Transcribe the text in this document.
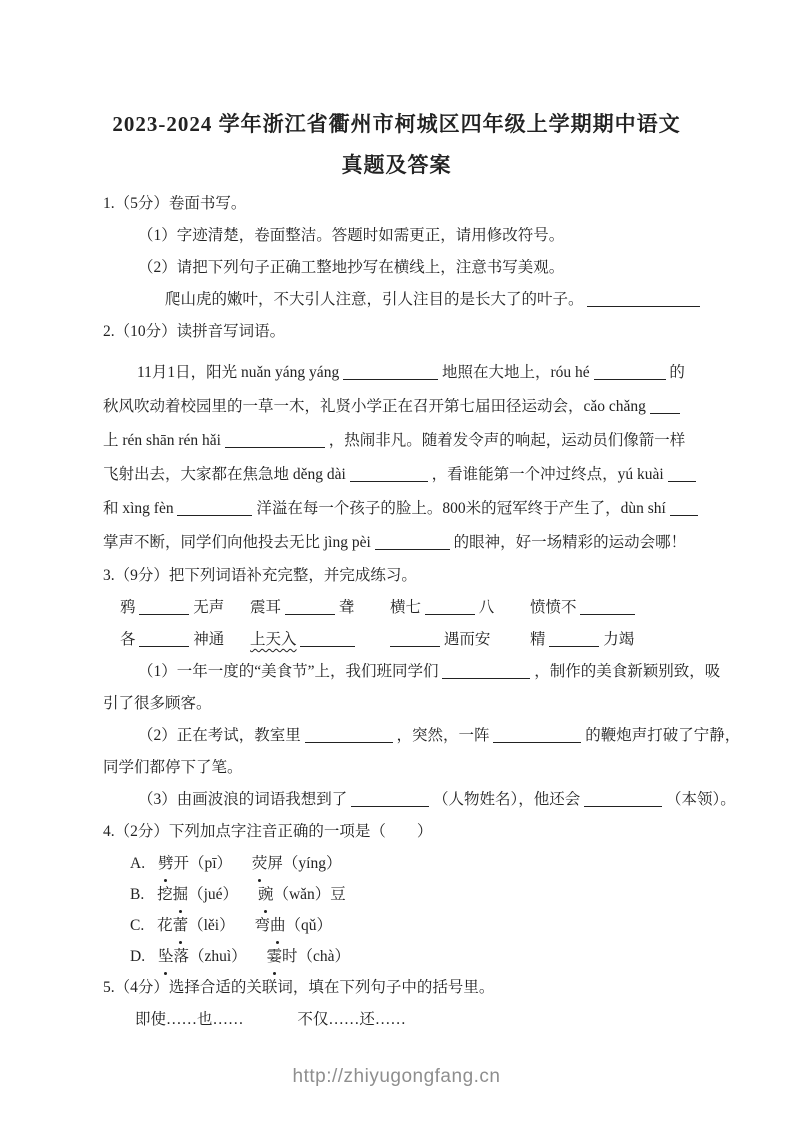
2023-2024 学年浙江省衢州市柯城区四年级上学期期中语文
真题及答案
1.（5分）卷面书写。
（1）字迹清楚，卷面整洁。答题时如需更正，请用修改符号。
（2）请把下列句子正确工整地抄写在横线上，注意书写美观。
爬山虎的嫩叶，不大引人注意，引人注目的是长大了的叶子。
2.（10分）读拼音写词语。
11月1日，阳光 nuǎn yáng yáng	地照在大地上，róu hé	的
秋风吹动着校园里的一草一木，礼贤小学正在召开第七届田径运动会，cǎo chǎng
上 rén shān rén hǎi	，热闹非凡。随着发令声的响起，运动员们像箭一样
飞射出去，大家都在焦急地 děng dài	，看谁能第一个冲过终点，yú kuài
和 xìng fèn	洋溢在每一个孩子的脸上。800米的冠军终于产生了，dùn shí
掌声不断，同学们向他投去无比 jìng pèi	的眼神，好一场精彩的运动会哪！
3.（9分）把下列词语补充完整，并完成练习。
鸦	无声	震耳	聋	横七	八	愤愤不
各	神通	上天入	遇而安	精	力竭
（1）一年一度的“美食节”上，我们班同学们	，制作的美食新颖别致，吸
引了很多顾客。
（2）正在考试，教室里	，突然，一阵	的鞭炮声打破了宁静，
同学们都停下了笔。
（3）由画波浪的词语我想到了	（人物姓名），他还会	（本领）。
4.（2分）下列加点字注音正确的一项是（　　）
A. 劈开（pī） 荧屏（yíng）
B. 挖掘（jué） 豌（wǎn）豆
C. 花蕾（lěi） 弯曲（qǔ）
D. 坠落（zhuì） 霎时（chà）
5.（4分）选择合适的关联词，填在下列句子中的括号里。
即使……也……	不仅……还……
http://zhiyugongfang.cn
